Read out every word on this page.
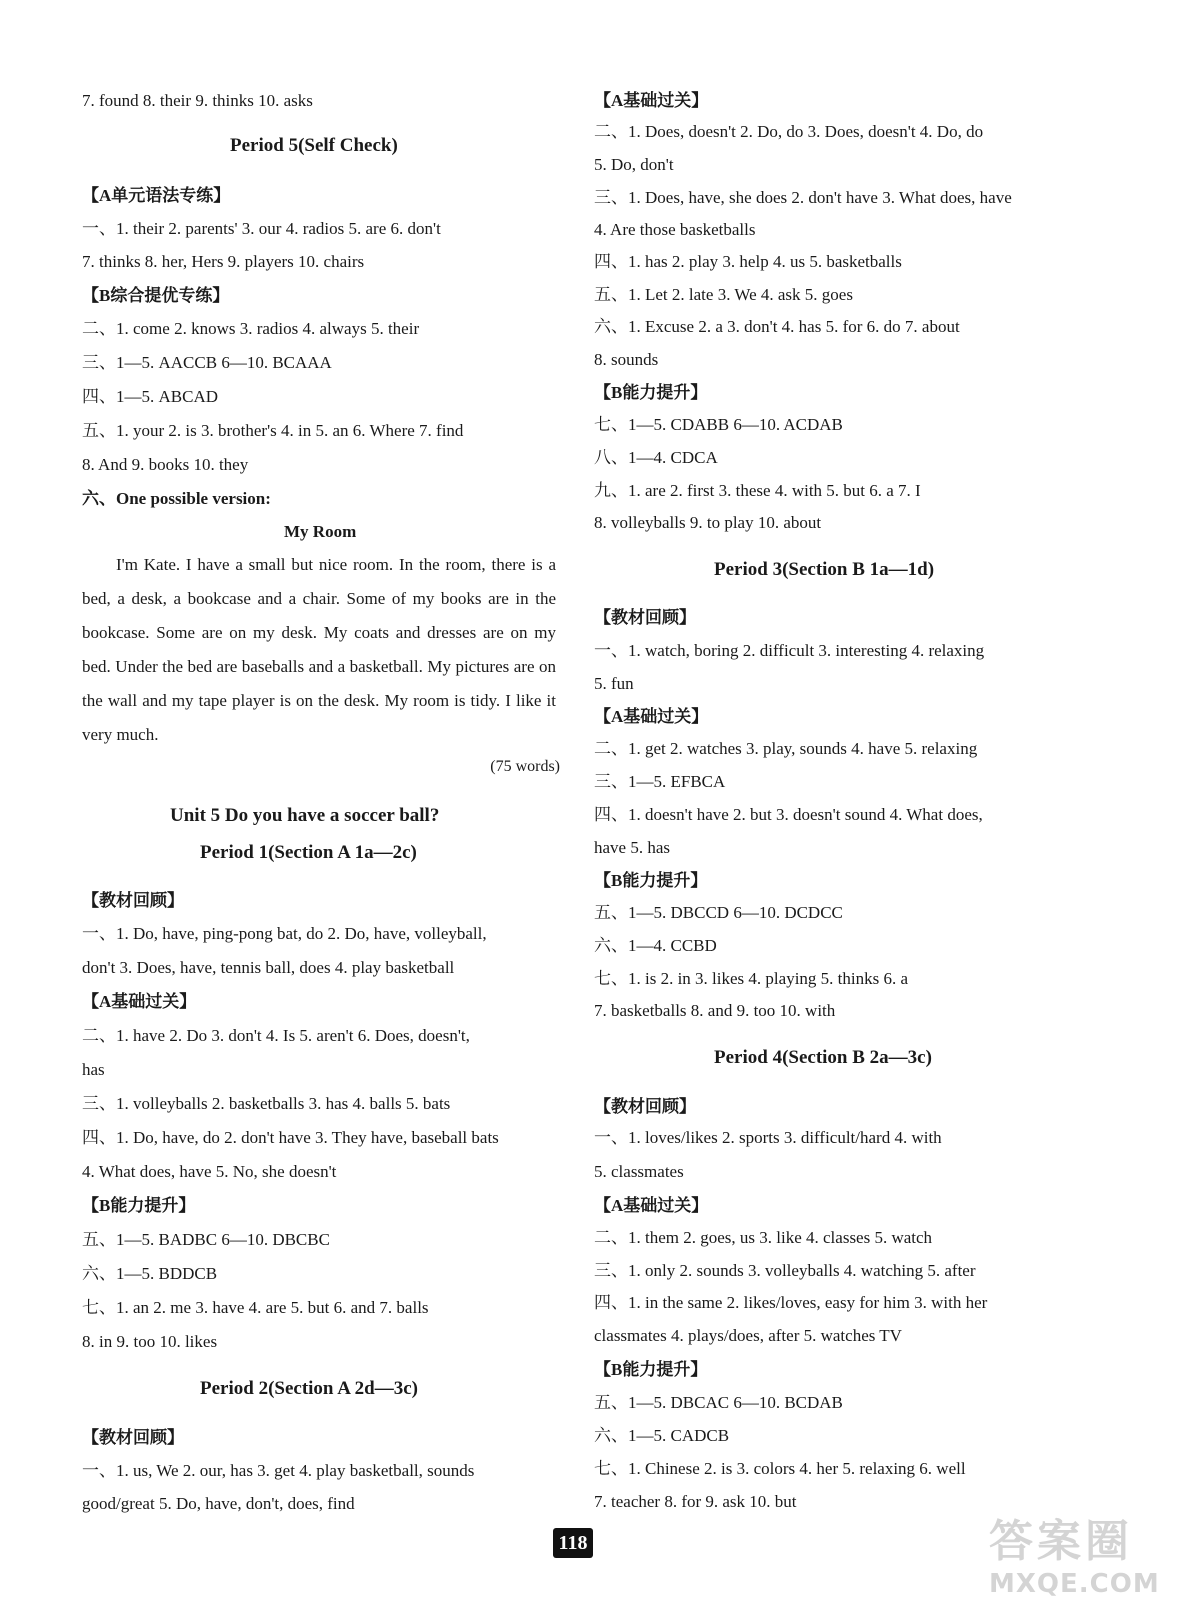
7. found 8. their 9. thinks 10. asks
Period 5(Self Check)
【A单元语法专练】
一、1. their 2. parents' 3. our 4. radios 5. are 6. don't
7. thinks 8. her, Hers 9. players 10. chairs
【B综合提优专练】
二、1. come 2. knows 3. radios 4. always 5. their
三、1—5. AACCB 6—10. BCAAA
四、1—5. ABCAD
五、1. your 2. is 3. brother's 4. in 5. an 6. Where 7. find
8. And 9. books 10. they
六、One possible version:
My Room
I'm Kate. I have a small but nice room. In the room, there is a bed, a desk, a bookcase and a chair. Some of my books are in the bookcase. Some are on my desk. My coats and dresses are on my bed. Under the bed are baseballs and a basketball. My pictures are on the wall and my tape player is on the desk. My room is tidy. I like it very much.
(75 words)
Unit 5 Do you have a soccer ball?
Period 1(Section A 1a—2c)
【教材回顾】
一、1. Do, have, ping-pong bat, do 2. Do, have, volleyball,
don't 3. Does, have, tennis ball, does 4. play basketball
【A基础过关】
二、1. have 2. Do 3. don't 4. Is 5. aren't 6. Does, doesn't,
has
三、1. volleyballs 2. basketballs 3. has 4. balls 5. bats
四、1. Do, have, do 2. don't have 3. They have, baseball bats
4. What does, have 5. No, she doesn't
【B能力提升】
五、1—5. BADBC 6—10. DBCBC
六、1—5. BDDCB
七、1. an 2. me 3. have 4. are 5. but 6. and 7. balls
8. in 9. too 10. likes
Period 2(Section A 2d—3c)
【教材回顾】
一、1. us, We 2. our, has 3. get 4. play basketball, sounds
good/great 5. Do, have, don't, does, find
【A基础过关】
二、1. Does, doesn't 2. Do, do 3. Does, doesn't 4. Do, do
5. Do, don't
三、1. Does, have, she does 2. don't have 3. What does, have
4. Are those basketballs
四、1. has 2. play 3. help 4. us 5. basketballs
五、1. Let 2. late 3. We 4. ask 5. goes
六、1. Excuse 2. a 3. don't 4. has 5. for 6. do 7. about
8. sounds
【B能力提升】
七、1—5. CDABB 6—10. ACDAB
八、1—4. CDCA
九、1. are 2. first 3. these 4. with 5. but 6. a 7. I
8. volleyballs 9. to play 10. about
Period 3(Section B 1a—1d)
【教材回顾】
一、1. watch, boring 2. difficult 3. interesting 4. relaxing
5. fun
【A基础过关】
二、1. get 2. watches 3. play, sounds 4. have 5. relaxing
三、1—5. EFBCA
四、1. doesn't have 2. but 3. doesn't sound 4. What does,
have 5. has
【B能力提升】
五、1—5. DBCCD 6—10. DCDCC
六、1—4. CCBD
七、1. is 2. in 3. likes 4. playing 5. thinks 6. a
7. basketballs 8. and 9. too 10. with
Period 4(Section B 2a—3c)
【教材回顾】
一、1. loves/likes 2. sports 3. difficult/hard 4. with
5. classmates
【A基础过关】
二、1. them 2. goes, us 3. like 4. classes 5. watch
三、1. only 2. sounds 3. volleyballs 4. watching 5. after
四、1. in the same 2. likes/loves, easy for him 3. with her
classmates 4. plays/does, after 5. watches TV
【B能力提升】
五、1—5. DBCAC 6—10. BCDAB
六、1—5. CADCB
七、1. Chinese 2. is 3. colors 4. her 5. relaxing 6. well
7. teacher 8. for 9. ask 10. but
118	答案圈
MXQE.COM
